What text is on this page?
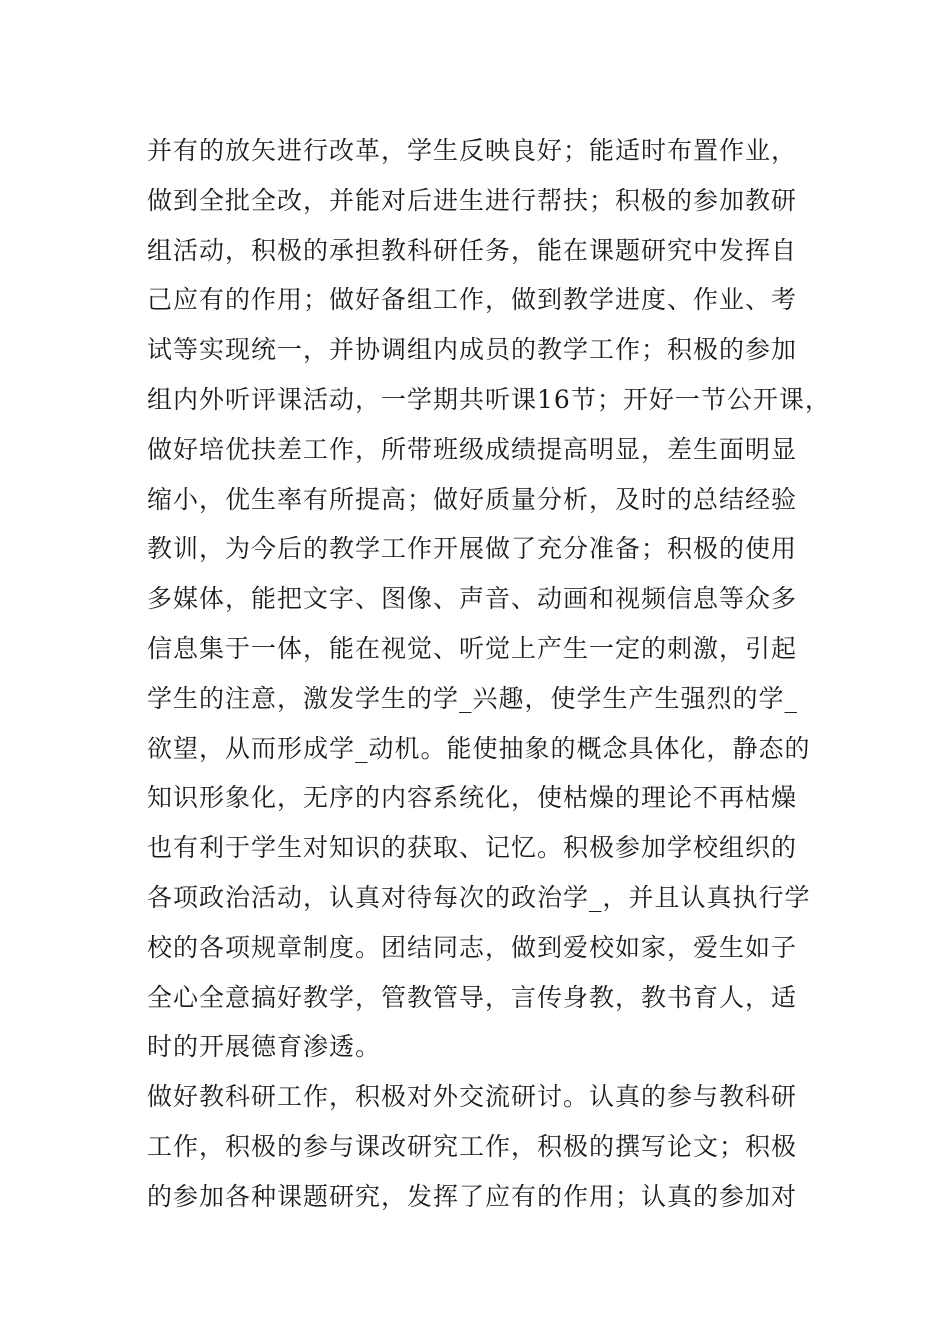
并有的放矢进行改革，学生反映良好；能适时布置作业，
做到全批全改，并能对后进生进行帮扶；积极的参加教研
组活动，积极的承担教科研任务，能在课题研究中发挥自
己应有的作用；做好备组工作，做到教学进度、作业、考
试等实现统一，并协调组内成员的教学工作；积极的参加
组内外听评课活动，一学期共听课16节；开好一节公开课，
做好培优扶差工作，所带班级成绩提高明显，差生面明显
缩小，优生率有所提高；做好质量分析，及时的总结经验
教训，为今后的教学工作开展做了充分准备；积极的使用
多媒体，能把文字、图像、声音、动画和视频信息等众多
信息集于一体，能在视觉、听觉上产生一定的刺激，引起
学生的注意，激发学生的学_兴趣，使学生产生强烈的学_
欲望，从而形成学_动机。能使抽象的概念具体化，静态的
知识形象化，无序的内容系统化，使枯燥的理论不再枯燥
也有利于学生对知识的获取、记忆。积极参加学校组织的
各项政治活动，认真对待每次的政治学_，并且认真执行学
校的各项规章制度。团结同志，做到爱校如家，爱生如子
全心全意搞好教学，管教管导，言传身教，教书育人，适
时的开展德育渗透。
做好教科研工作，积极对外交流研讨。认真的参与教科研
工作，积极的参与课改研究工作，积极的撰写论文；积极
的参加各种课题研究，发挥了应有的作用；认真的参加对
